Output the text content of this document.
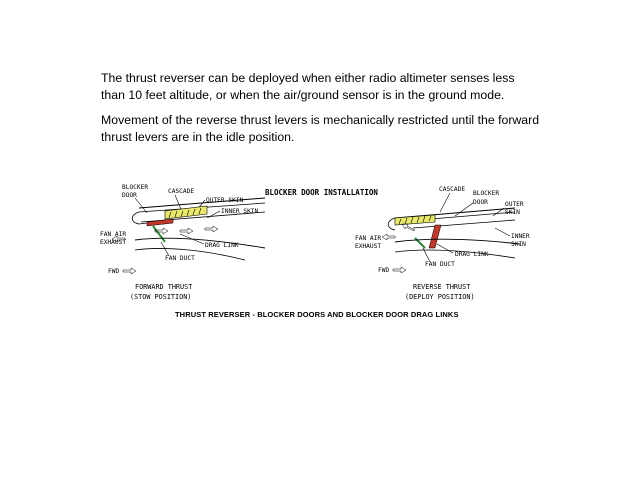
The thrust reverser can be deployed when either radio altimeter senses less than 10 feet altitude, or when the air/ground sensor is in the ground mode.

Movement of the reverse thrust levers is mechanically restricted until the forward thrust levers are in the idle position.

BLOCKER DOOR INSTALLATION
BLOCKER
DOOR
CASCADE
OUTER SKIN
INNER SKIN
FAN AIR
EXHAUST	DRAG LINK
FAN DUCT
FWD
FORWARD THRUST
(STOW POSITION)
CASCADE
BLOCKER
DOOR	OUTER
SKIN
INNER
SKIN
FAN AIR
EXHAUST
DRAG LINK
FAN DUCT
FWD
REVERSE THRUST
(DEPLOY POSITION)
THRUST REVERSER - BLOCKER DOORS AND BLOCKER DOOR DRAG LINKS
